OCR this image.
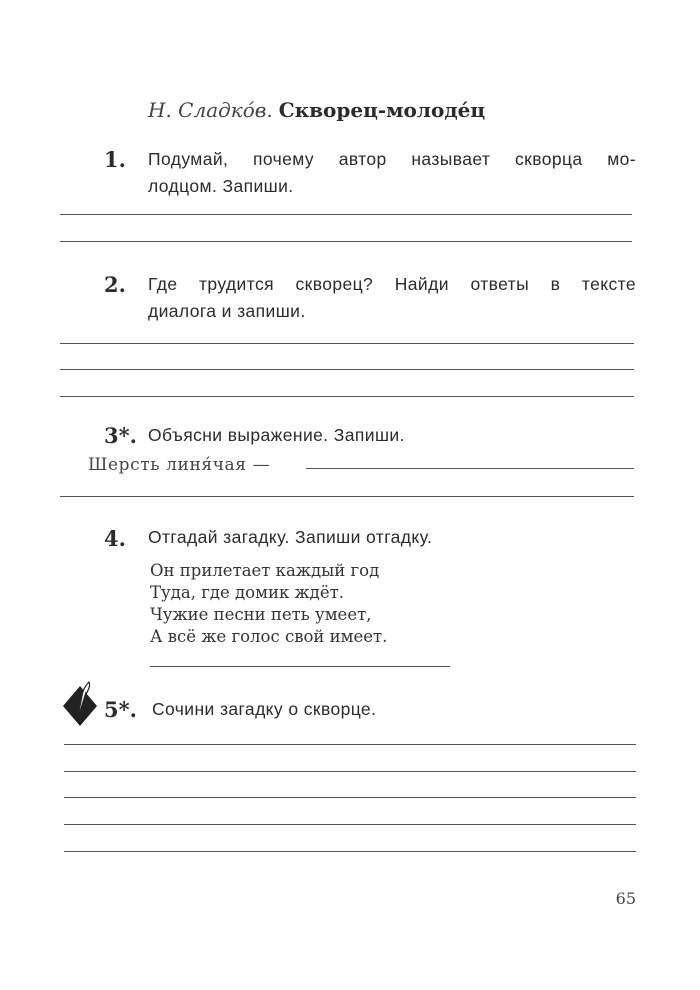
Н. Сладко́в. Скворец-молоде́ц
1. Подумай, почему автор называет скворца мо-
лодцом. Запиши.
2. Где трудится скворец? Найди ответы в тексте
диалога и запиши.
3*. Объясни выражение. Запиши.
Шерсть линя́чая —
4. Отгадай загадку. Запиши отгадку.
Он прилетает каждый год
Туда, где домик ждёт.
Чужие песни петь умеет,
А всё же голос свой имеет.
5*. Сочини загадку о скворце.
65
